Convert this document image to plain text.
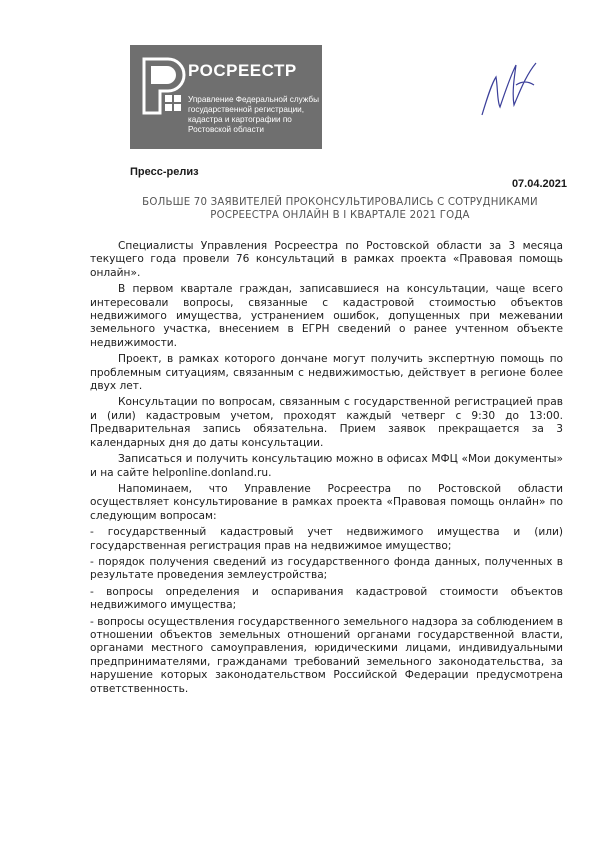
РОСРЕЕСТР
Управление Федеральной службы государственной регистрации, кадастра и картографии по Ростовской области
Пресс-релиз
07.04.2021
БОЛЬШЕ 70 ЗАЯВИТЕЛЕЙ ПРОКОНСУЛЬТИРОВАЛИСЬ С СОТРУДНИКАМИ РОСРЕЕСТРА ОНЛАЙН В I КВАРТАЛЕ 2021 ГОДА

Специалисты Управления Росреестра по Ростовской области за 3 месяца текущего года провели 76 консультаций в рамках проекта «Правовая помощь онлайн».

В первом квартале граждан, записавшиеся на консультации, чаще всего интересовали вопросы, связанные с кадастровой стоимостью объектов недвижимого имущества, устранением ошибок, допущенных при межевании земельного участка, внесением в ЕГРН сведений о ранее учтенном объекте недвижимости.

Проект, в рамках которого дончане могут получить экспертную помощь по проблемным ситуациям, связанным с недвижимостью, действует в регионе более двух лет.

Консультации по вопросам, связанным с государственной регистрацией прав и (или) кадастровым учетом, проходят каждый четверг с 9:30 до 13:00. Предварительная запись обязательна. Прием заявок прекращается за 3 календарных дня до даты консультации.

Записаться и получить консультацию можно в офисах МФЦ «Мои документы» и на сайте helponline.donland.ru.

Напоминаем, что Управление Росреестра по Ростовской области осуществляет консультирование в рамках проекта «Правовая помощь онлайн» по следующим вопросам:

- государственный кадастровый учет недвижимого имущества и (или) государственная регистрация прав на недвижимое имущество;

- порядок получения сведений из государственного фонда данных, полученных в результате проведения землеустройства;

- вопросы определения и оспаривания кадастровой стоимости объектов недвижимого имущества;

- вопросы осуществления государственного земельного надзора за соблюдением в отношении объектов земельных отношений органами государственной власти, органами местного самоуправления, юридическими лицами, индивидуальными предпринимателями, гражданами требований земельного законодательства, за нарушение которых законодательством Российской Федерации предусмотрена ответственность.
